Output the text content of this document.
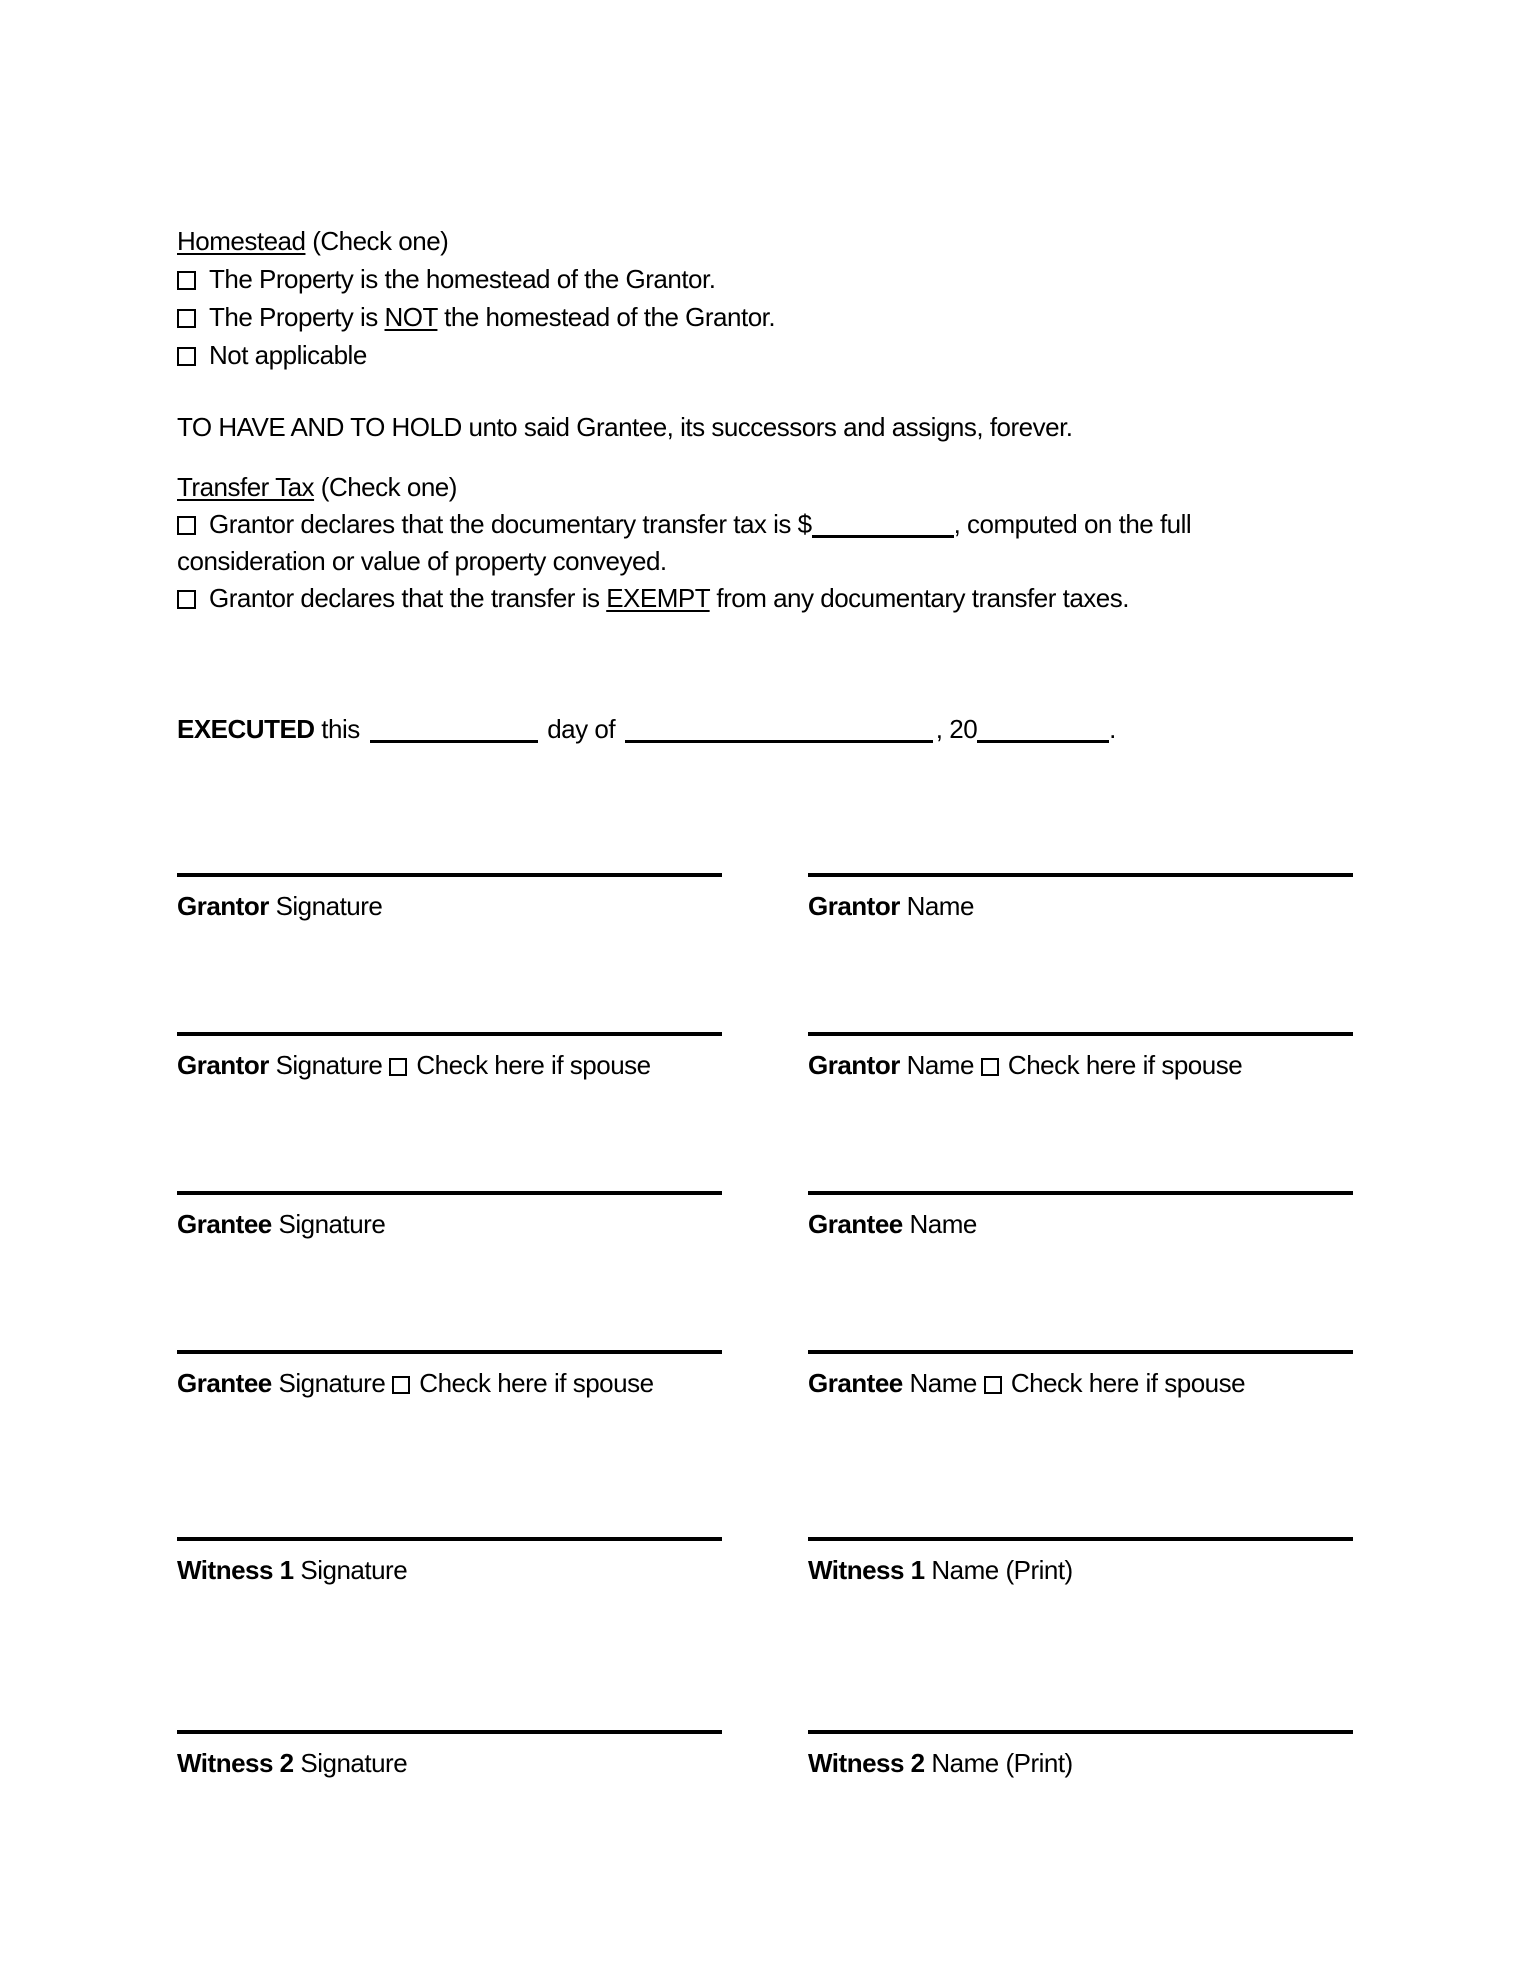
Homestead (Check one)
The Property is the homestead of the Grantor.
The Property is NOT the homestead of the Grantor.
Not applicable
TO HAVE AND TO HOLD unto said Grantee, its successors and assigns, forever.
Transfer Tax (Check one)
Grantor declares that the documentary transfer tax is $	, computed on the full
consideration or value of property conveyed.
Grantor declares that the transfer is EXEMPT from any documentary transfer taxes.
EXECUTED this	day of	, 20	.
Grantor Signature	Grantor Name
Grantor Signature Check here if spouse	Grantor Name Check here if spouse
Grantee Signature	Grantee Name
Grantee Signature Check here if spouse	Grantee Name Check here if spouse
Witness 1 Signature	Witness 1 Name (Print)
Witness 2 Signature	Witness 2 Name (Print)
